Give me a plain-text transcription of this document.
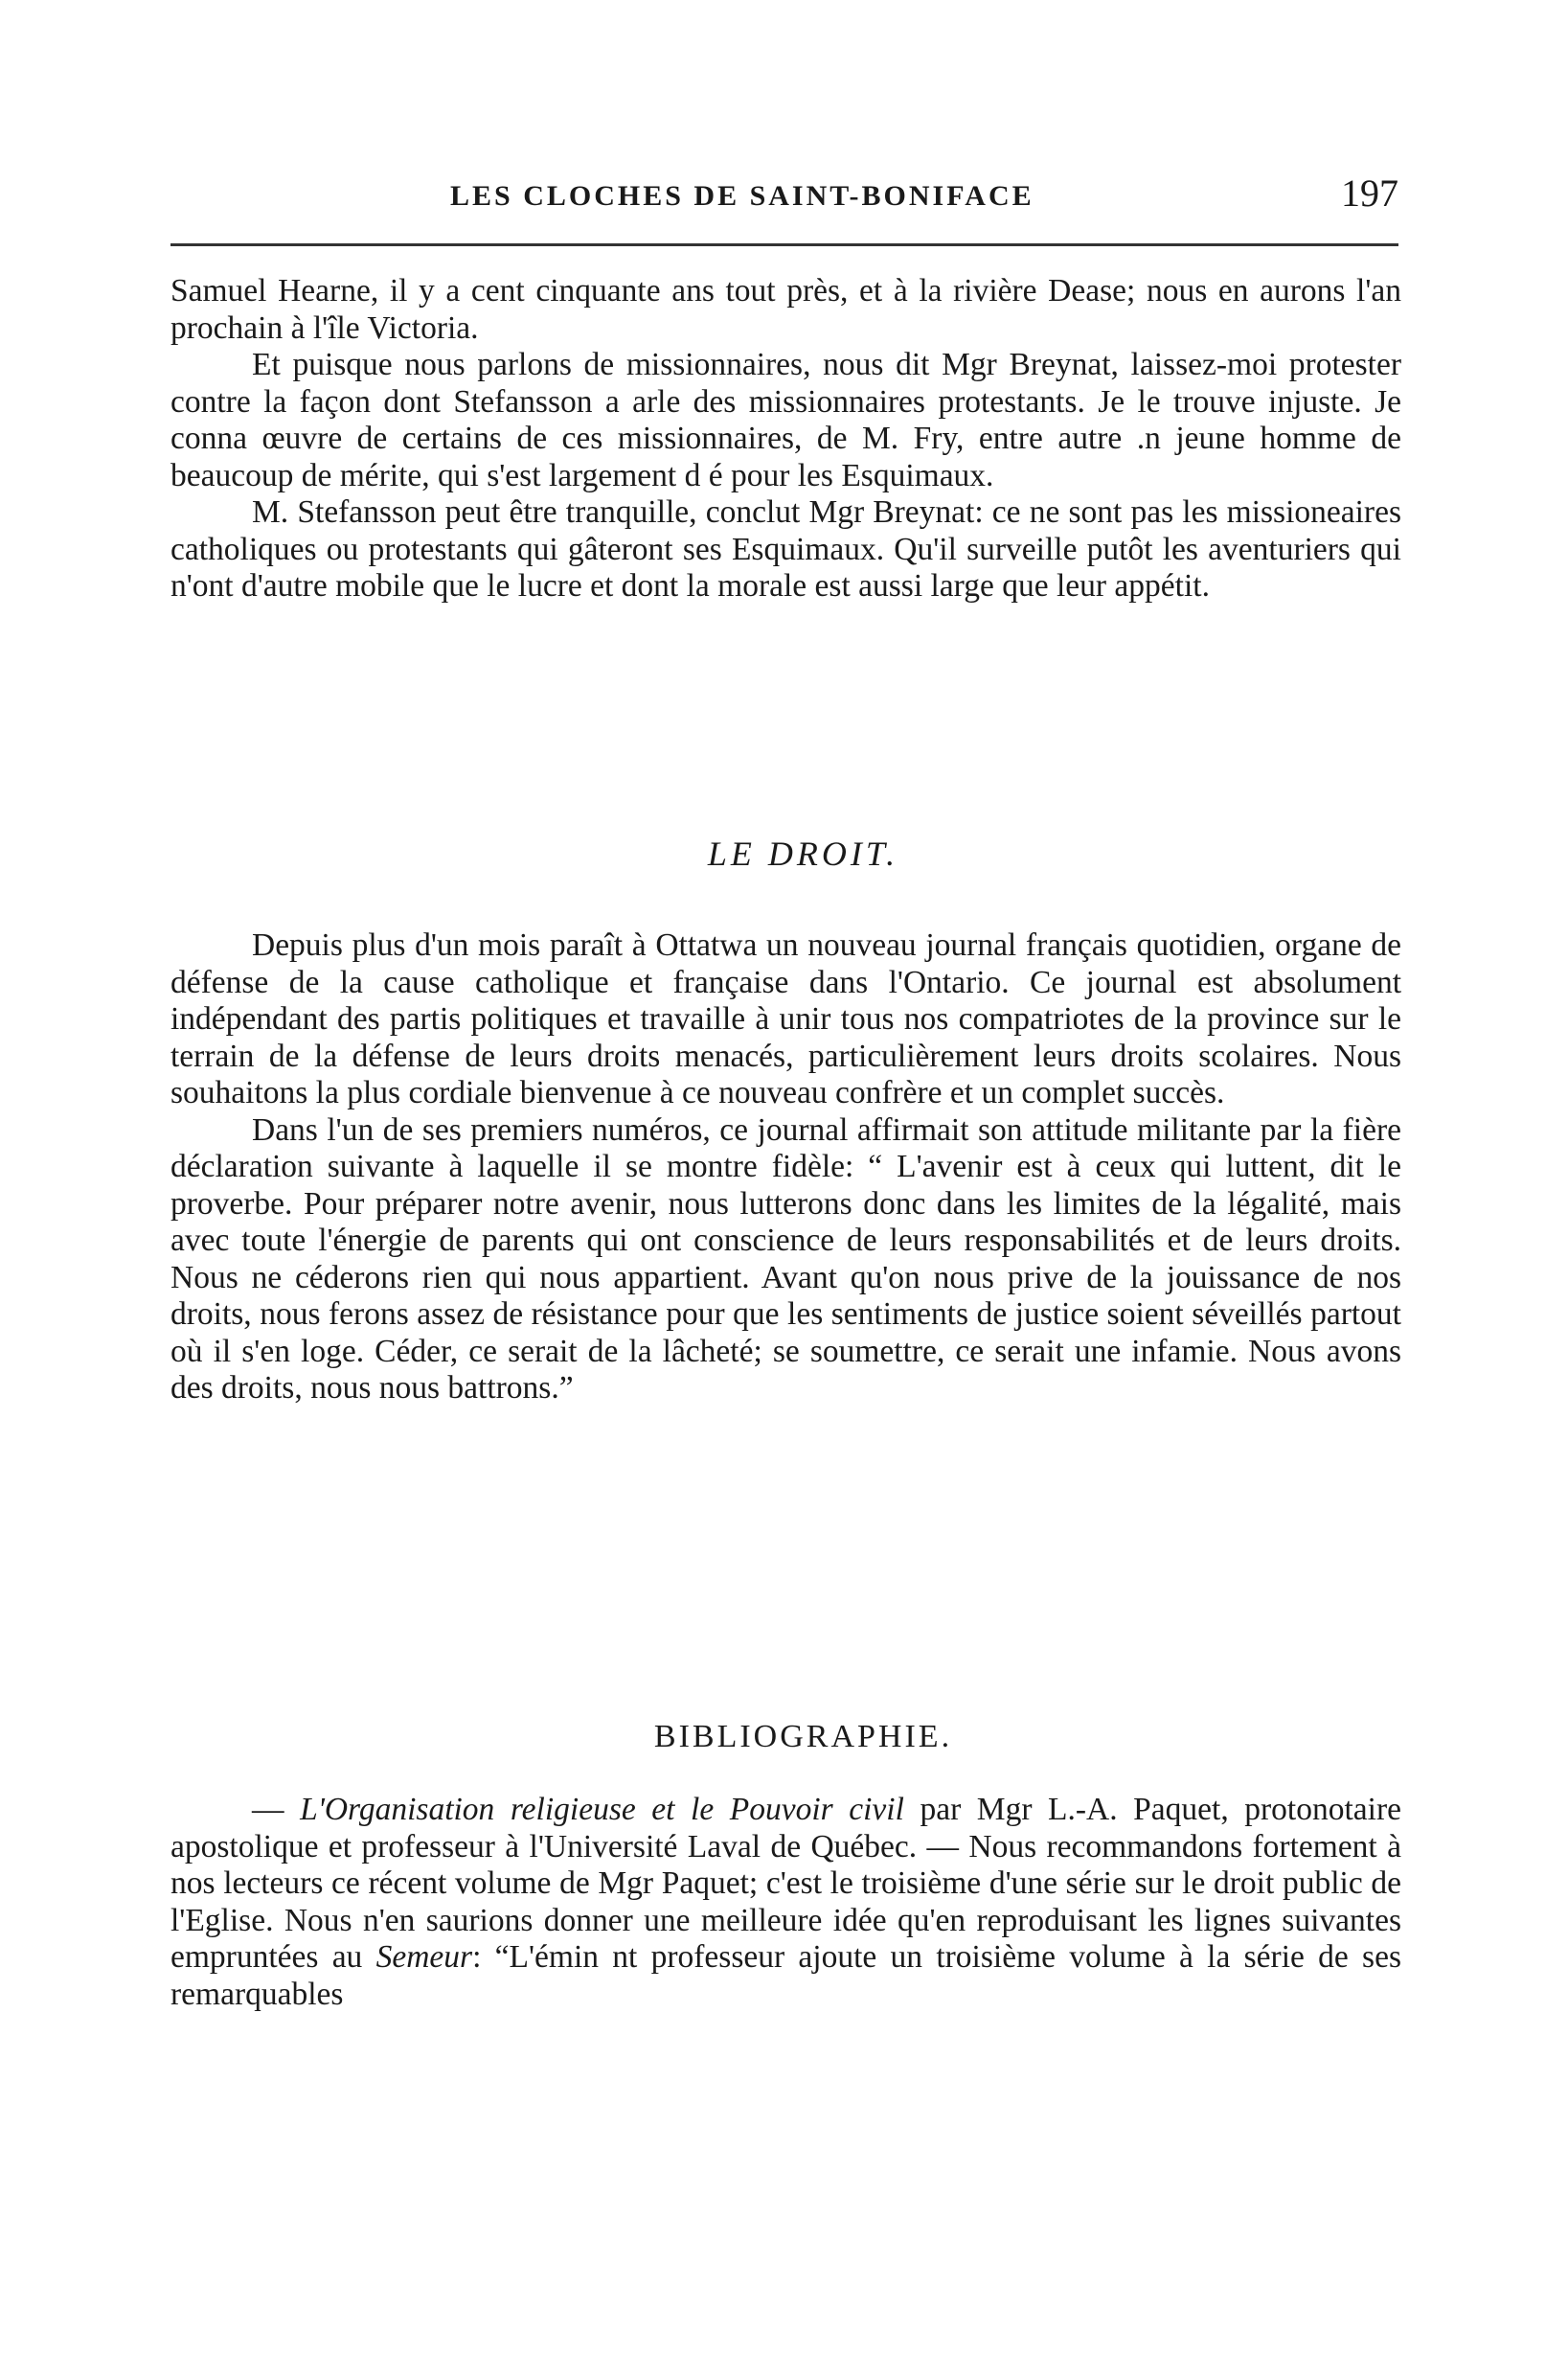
LES CLOCHES DE SAINT-BONIFACE	197

Samuel Hearne, il y a cent cinquante ans tout près, et à la rivière Dease; nous en aurons l'an prochain à l'île Victoria.

Et puisque nous parlons de missionnaires, nous dit Mgr Breynat, laissez-moi protester contre la façon dont Stefansson a arle des missionnaires protestants. Je le trouve injuste. Je conna œuvre de certains de ces missionnaires, de M. Fry, entre autre .n jeune homme de beaucoup de mérite, qui s'est largement d é pour les Esquimaux.

M. Stefansson peut être tranquille, conclut Mgr Breynat: ce ne sont pas les missioneaires catholiques ou protestants qui gâteront ses Esquimaux. Qu'il surveille putôt les aventuriers qui n'ont d'autre mobile que le lucre et dont la morale est aussi large que leur appétit.

LE DROIT.

Depuis plus d'un mois paraît à Ottatwa un nouveau journal français quotidien, organe de défense de la cause catholique et française dans l'Ontario. Ce journal est absolument indépendant des partis politiques et travaille à unir tous nos compatriotes de la province sur le terrain de la défense de leurs droits menacés, particulièrement leurs droits scolaires. Nous souhaitons la plus cordiale bienvenue à ce nouveau confrère et un complet succès.

Dans l'un de ses premiers numéros, ce journal affirmait son attitude militante par la fière déclaration suivante à laquelle il se montre fidèle: “ L'avenir est à ceux qui luttent, dit le proverbe. Pour préparer notre avenir, nous lutterons donc dans les limites de la légalité, mais avec toute l'énergie de parents qui ont conscience de leurs responsabilités et de leurs droits. Nous ne céderons rien qui nous appartient. Avant qu'on nous prive de la jouissance de nos droits, nous ferons assez de résistance pour que les sentiments de justice soient séveillés partout où il s'en loge. Céder, ce serait de la lâcheté; se soumettre, ce serait une infamie. Nous avons des droits, nous nous battrons.”

BIBLIOGRAPHIE.

— L'Organisation religieuse et le Pouvoir civil par Mgr L.-A. Paquet, protonotaire apostolique et professeur à l'Université Laval de Québec. — Nous recommandons fortement à nos lecteurs ce récent volume de Mgr Paquet; c'est le troisième d'une série sur le droit public de l'Eglise. Nous n'en saurions donner une meilleure idée qu'en reproduisant les lignes suivantes empruntées au Semeur: “L'émin nt professeur ajoute un troisième volume à la série de ses remarquables
